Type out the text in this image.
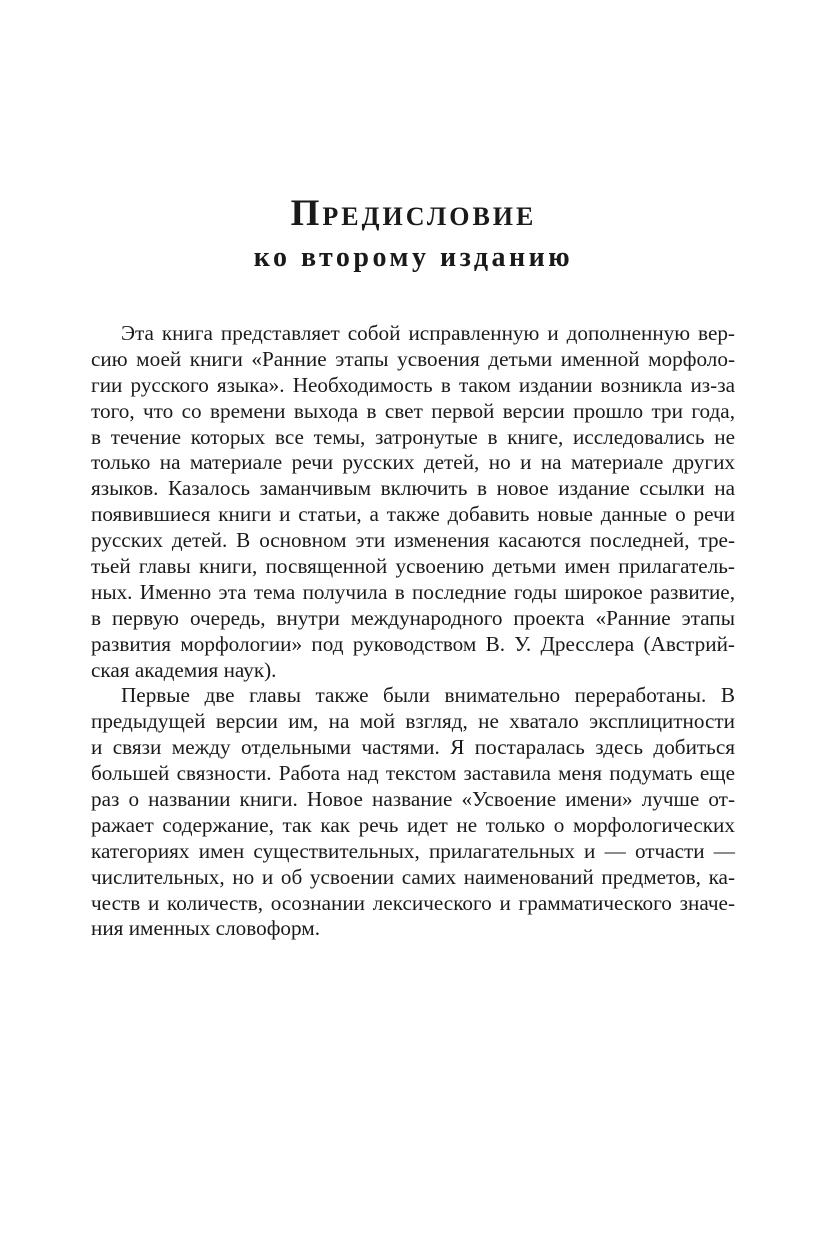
Предисловие
ко второму изданию
Эта книга представляет собой исправленную и дополненную вер-
сию моей книги «Ранние этапы усвоения детьми именной морфоло-
гии русского языка». Необходимость в таком издании возникла из-за
того, что со времени выхода в свет первой версии прошло три года,
в течение которых все темы, затронутые в книге, исследовались не
только на материале речи русских детей, но и на материале других
языков. Казалось заманчивым включить в новое издание ссылки на
появившиеся книги и статьи, а также добавить новые данные о речи
русских детей. В основном эти изменения касаются последней, тре-
тьей главы книги, посвященной усвоению детьми имен прилагатель-
ных. Именно эта тема получила в последние годы широкое развитие,
в первую очередь, внутри международного проекта «Ранние этапы
развития морфологии» под руководством В. У. Дресслера (Австрий-
ская академия наук).
Первые две главы также были внимательно переработаны. В
предыдущей версии им, на мой взгляд, не хватало эксплицитности
и связи между отдельными частями. Я постаралась здесь добиться
большей связности. Работа над текстом заставила меня подумать еще
раз о названии книги. Новое название «Усвоение имени» лучше от-
ражает содержание, так как речь идет не только о морфологических
категориях имен существительных, прилагательных и — отчасти —
числительных, но и об усвоении самих наименований предметов, ка-
честв и количеств, осознании лексического и грамматического значе-
ния именных словоформ.
